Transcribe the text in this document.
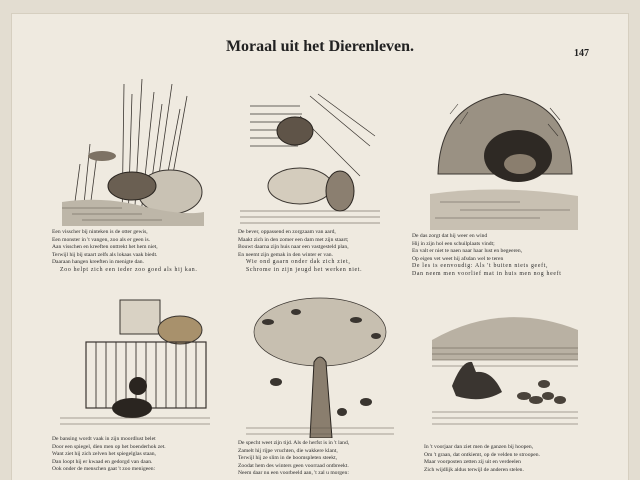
Moraal uit het Dierenleven.	147
Een visscher bij ninteken is de otter gewis,
Een monster in 't vangen, zoo als er geen is.
Aan visschen en kreeften onttrekt het hem niet,
Terwijl hij bij staart zelfs als lokaas vaak biedt.
Daaraan hangen kreeften in menigte dan.
Zoo helpt zich een ieder zoo goed als hij kan.
De bever, oppassend en zorgzaam van aard,
Maakt zich in den zomer een dam met zijn staart;
Bouwt daarna zijn huis naar een vastgesteld plan,
En neemt zijn gemak in den winter er van.
Wie ond gaarn onder dak zich ziet,
Schrome in zijn jeugd het werken niet.
De das zorgt dat hij weer en wind
Hij in zijn hol een schuilplaats vindt;
En valt er niet te naen naar haar lust en begeeren,
Op eigen vet weet hij afsdan wel te teren
De les is eenvoudig: Als 't buiten niets geeft,
Dan neem men voorlief mat in huis men nog heeft
De bansing wordt vaak in zijn moordlust belet
Door een spiegel, dien men op het boenderhok zet.
Want ziet hij zich zelven het spiegelglas staan,
Dan loopt hij er kwaad en gedorgd van daan.
Ook onder de menschen gaat 't zoo menigeen:
De specht weet zijn tijd. Als de herfst is in 't land,
Zamelt hij rijpe vruchten, die wakkere klant,
Terwijl hij ze slim in de boomspleten steekt,
Zoodat hem des winters geen voorraad ontbreekt.
Neem daar nu een voorbeeld aan, 't zal u morgen:
In 't voorjaar dan ziet men de ganzen bij hoopen,
Om 't graan, dat ontkiemt, op de velden te stroopen.
Maar voorposten zetten zij uit en verdeelen
Zich wijdlijk aldus terwijl de anderen stelen.
